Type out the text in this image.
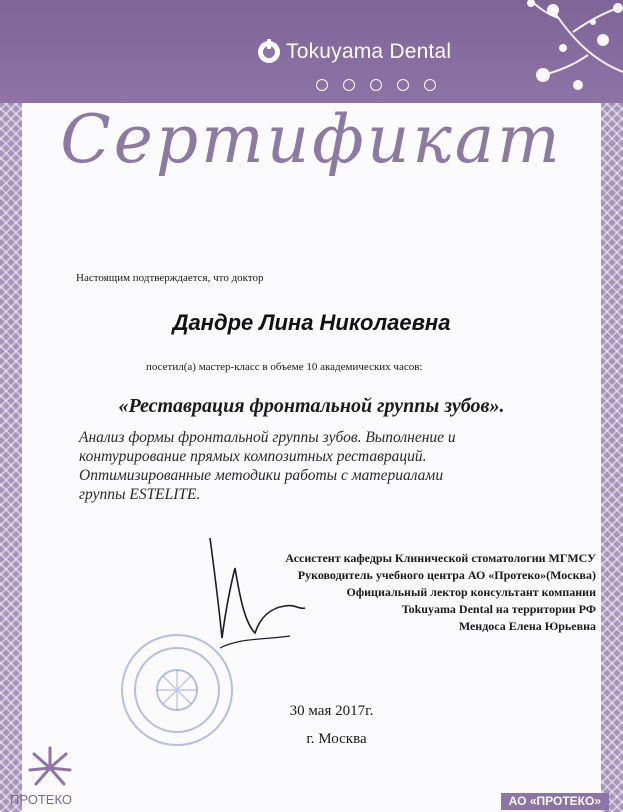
Tokuyama Dental
Сертификат
Настоящим подтверждается, что доктор
Дандре Лина Николаевна
посетил(а) мастер-класс в объеме 10 академических часов:
«Реставрация фронтальной группы зубов».
Анализ формы фронтальной группы зубов. Выполнение и
контурирование прямых композитных реставраций.
Оптимизированные методики работы с материалами
группы ESTELITE.
Ассистент кафедры Клинической стоматологии МГМСУ
Руководитель учебного центра АО «Протеко»(Москва)
Официальный лектор консультант компании
Tokuyama Dental на территории РФ
Мендоса Елена Юрьевна
30 мая 2017г.
г. Москва
ПРОТЕКО	АО «ПРОТЕКО»
